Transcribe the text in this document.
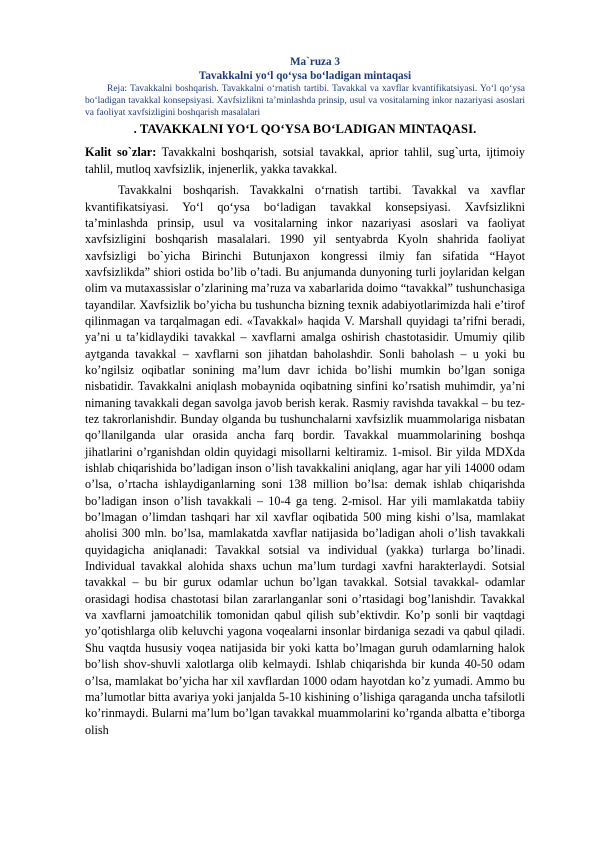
Ma`ruza 3
Tavakkalni yo‘l qo‘ysa bo‘ladigan mintaqasi

Reja: Tavakkalni boshqarish. Tavakkalni o‘rnatish tartibi. Tavakkal va xavflar kvantifikatsiyasi. Yo‘l qo‘ysa bo‘ladigan tavakkal konsepsiyasi. Xavfsizlikni ta’minlashda prinsip, usul va vositalarning inkor nazariyasi asoslari va faoliyat xavfsizligini boshqarish masalalari

. TAVAKKALNI YO‘L QO‘YSA BO‘LADIGAN MINTAQASI.

Kalit so`zlar: Tavakkalni boshqarish, sotsial tavakkal, aprior tahlil, sug`urta, ijtimoiy tahlil, mutloq xavfsizlik, injenerlik, yakka tavakkal.

Tavakkalni boshqarish. Tavakkalni o‘rnatish tartibi. Tavakkal va xavflar kvantifikatsiyasi. Yo‘l qo‘ysa bo‘ladigan tavakkal konsepsiyasi. Xavfsizlikni ta’minlashda prinsip, usul va vositalarning inkor nazariyasi asoslari va faoliyat xavfsizligini boshqarish masalalari. 1990 yil sentyabrda Kyoln shahrida faoliyat xavfsizligi bo`yicha Birinchi Butunjaxon kongressi ilmiy fan sifatida “Hayot xavfsizlikda” shiori ostida bo’lib o’tadi. Bu anjumanda dunyoning turli joylaridan kelgan olim va mutaxassislar o’zlarining ma’ruza va xabarlarida doimo “tavakkal” tushunchasiga tayandilar. Xavfsizlik bo’yicha bu tushuncha bizning texnik adabiyotlarimizda hali e’tirof qilinmagan va tarqalmagan edi. «Tavakkal» haqida V. Marshall quyidagi ta’rifni beradi, ya’ni u ta’kidlaydiki tavakkal – xavflarni amalga oshirish chastotasidir. Umumiy qilib aytganda tavakkal – xavflarni son jihatdan baholashdir. Sonli baholash – u yoki bu ko’ngilsiz oqibatlar sonining ma’lum davr ichida bo’lishi mumkin bo’lgan soniga nisbatidir. Tavakkalni aniqlash mobaynida oqibatning sinfini ko’rsatish muhimdir, ya’ni nimaning tavakkali degan savolga javob berish kerak. Rasmiy ravishda tavakkal – bu tez-tez takrorlanishdir. Bunday olganda bu tushunchalarni xavfsizlik muammolariga nisbatan qo’llanilganda ular orasida ancha farq bordir. Tavakkal muammolarining boshqa jihatlarini o’rganishdan oldin quyidagi misollarni keltiramiz. 1-misol. Bir yilda MDXda ishlab chiqarishida bo’ladigan inson o’lish tavakkalini aniqlang, agar har yili 14000 odam o’lsa, o’rtacha ishlaydiganlarning soni 138 million bo’lsa: demak ishlab chiqarishda bo’ladigan inson o’lish tavakkali – 10-4 ga teng. 2-misol. Har yili mamlakatda tabiiy bo’lmagan o’limdan tashqari har xil xavflar oqibatida 500 ming kishi o’lsa, mamlakat aholisi 300 mln. bo’lsa, mamlakatda xavflar natijasida bo’ladigan aholi o’lish tavakkali quyidagicha aniqlanadi: Tavakkal sotsial va individual (yakka) turlarga bo’linadi. Individual tavakkal alohida shaxs uchun ma’lum turdagi xavfni harakterlaydi. Sotsial tavakkal – bu bir gurux odamlar uchun bo’lgan tavakkal. Sotsial tavakkal- odamlar orasidagi hodisa chastotasi bilan zararlanganlar soni o’rtasidagi bog’lanishdir. Tavakkal va xavflarni jamoatchilik tomonidan qabul qilish sub’ektivdir. Ko’p sonli bir vaqtdagi yo’qotishlarga olib keluvchi yagona voqealarni insonlar birdaniga sezadi va qabul qiladi. Shu vaqtda hususiy voqea natijasida bir yoki katta bo’lmagan guruh odamlarning halok bo’lish shov-shuvli xalotlarga olib kelmaydi. Ishlab chiqarishda bir kunda 40-50 odam o’lsa, mamlakat bo’yicha har xil xavflardan 1000 odam hayotdan ko’z yumadi. Ammo bu ma’lumotlar bitta avariya yoki janjalda 5-10 kishining o’lishiga qaraganda uncha tafsilotli ko’rinmaydi. Bularni ma’lum bo’lgan tavakkal muammolarini ko’rganda albatta e’tiborga olish
